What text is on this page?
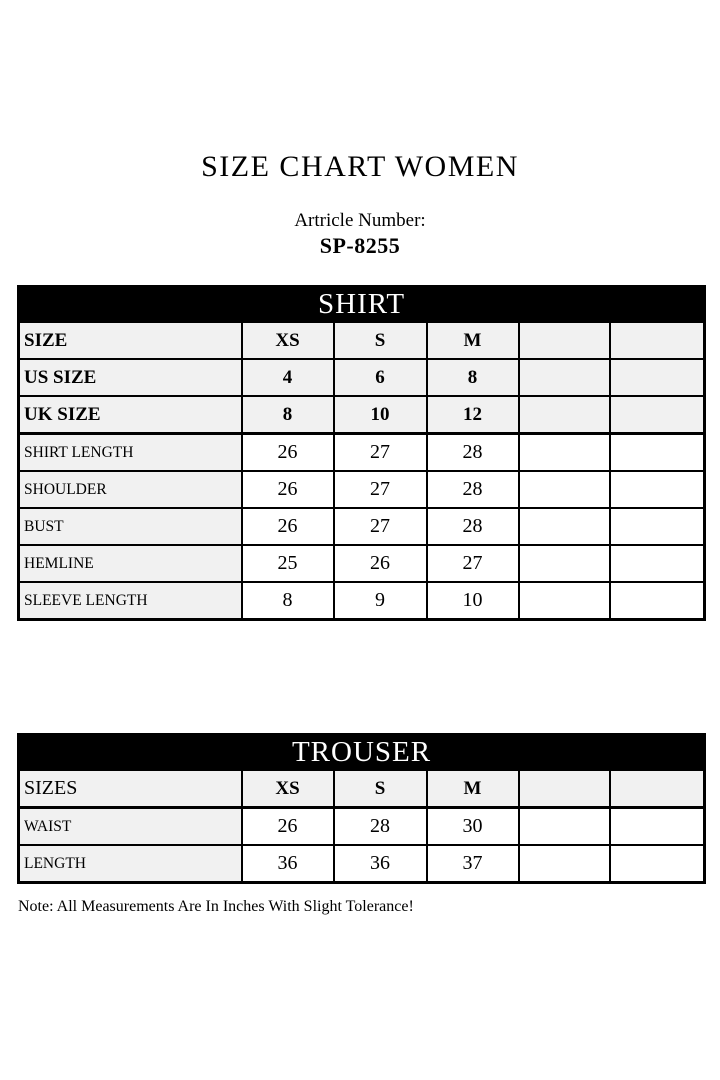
SIZE CHART WOMEN
Artricle Number:
SP-8255
SHIRT					
SIZE	XS	S	M		
US SIZE	4	6	8		
UK SIZE	8	10	12		
SHIRT LENGTH	26	27	28		
SHOULDER	26	27	28		
BUST	26	27	28		
HEMLINE	25	26	27		
SLEEVE LENGTH	8	9	10		
TROUSER					
SIZES	XS	S	M		
WAIST	26	28	30		
LENGTH	36	36	37		
Note: All Measurements Are In Inches With Slight Tolerance!
